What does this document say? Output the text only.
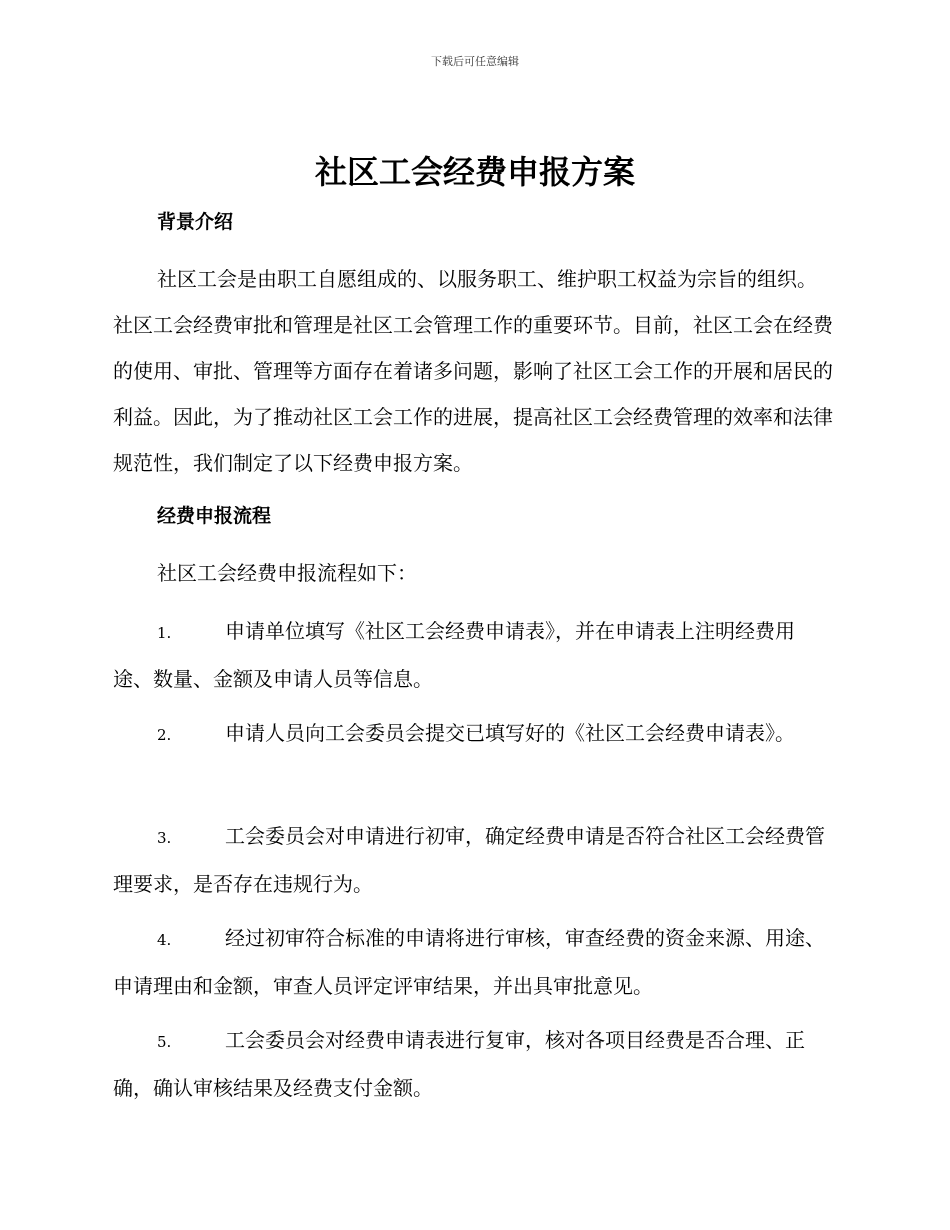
下载后可任意编辑
社区工会经费申报方案
背景介绍

社区工会是由职工自愿组成的、以服务职工、维护职工权益为宗旨的组织。社区工会经费审批和管理是社区工会管理工作的重要环节。目前，社区工会在经费的使用、审批、管理等方面存在着诸多问题，影响了社区工会工作的开展和居民的利益。因此，为了推动社区工会工作的进展，提高社区工会经费管理的效率和法律规范性，我们制定了以下经费申报方案。

经费申报流程
社区工会经费申报流程如下：

1.	申请单位填写《社区工会经费申请表》，并在申请表上注明经费用途、数量、金额及申请人员等信息。

2.	申请人员向工会委员会提交已填写好的《社区工会经费申请表》。

3.	工会委员会对申请进行初审，确定经费申请是否符合社区工会经费管理要求，是否存在违规行为。

4.	经过初审符合标准的申请将进行审核，审查经费的资金来源、用途、申请理由和金额，审查人员评定评审结果，并出具审批意见。

5.	工会委员会对经费申请表进行复审，核对各项目经费是否合理、正确，确认审核结果及经费支付金额。
